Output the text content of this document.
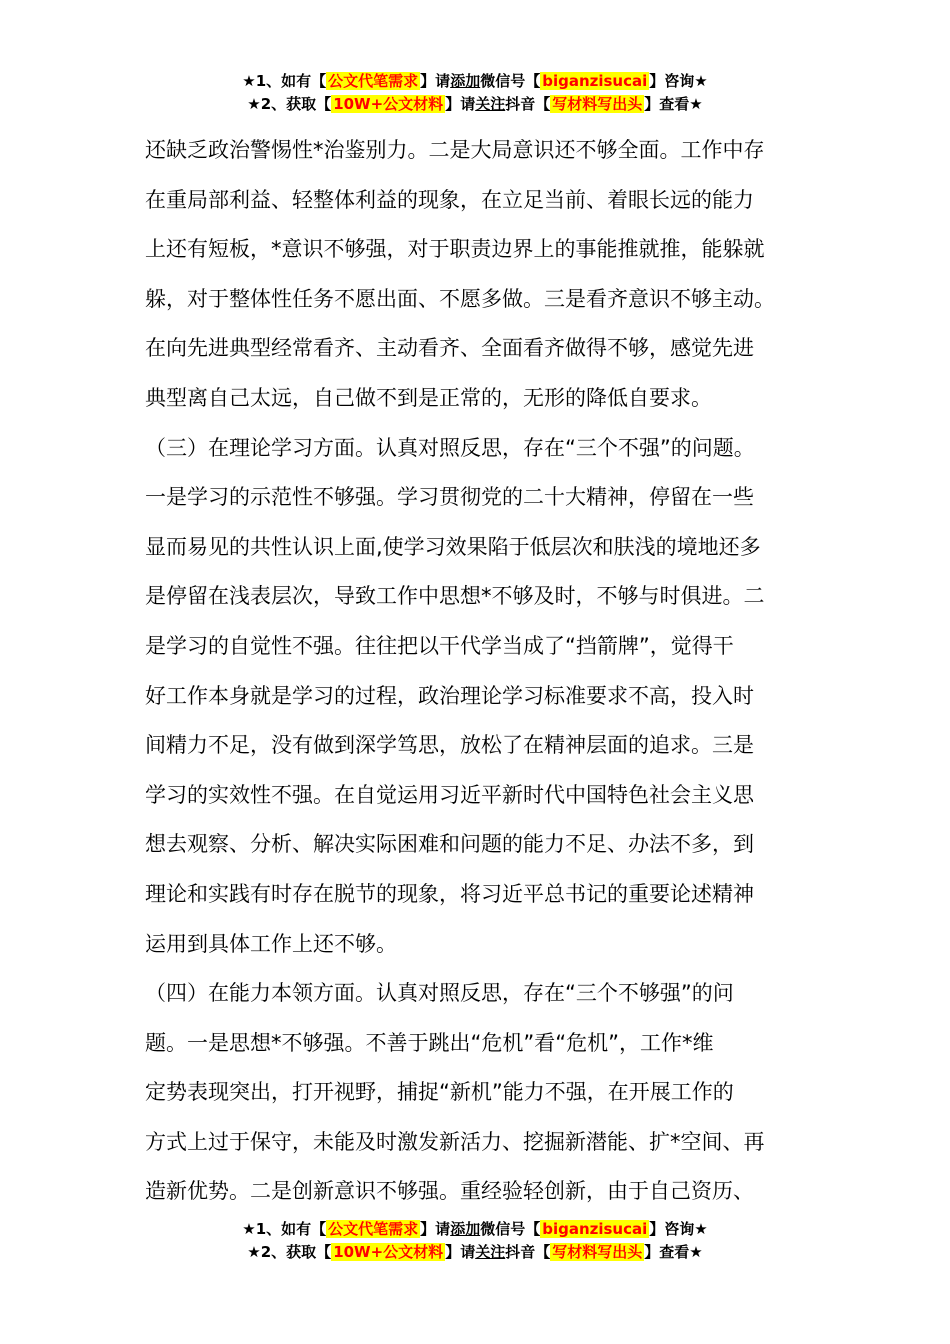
★1、如有【 公文代笔需求 】请添加微信号【 biganzisucai 】咨询★
★2、获取【 10W+公文材料 】请关注抖音【 写材料写出头 】查看★
还缺乏政治警惕性*治鉴别力。二是大局意识还不够全面。工作中存
在重局部利益、轻整体利益的现象，在立足当前、着眼长远的能力
上还有短板，*意识不够强，对于职责边界上的事能推就推，能躲就
躲，对于整体性任务不愿出面、不愿多做。三是看齐意识不够主动。
在向先进典型经常看齐、主动看齐、全面看齐做得不够，感觉先进
典型离自己太远，自己做不到是正常的，无形的降低自要求。
（三）在理论学习方面。认真对照反思，存在“三个不强”的问题。
一是学习的示范性不够强。学习贯彻党的二十大精神，停留在一些
显而易见的共性认识上面,使学习效果陷于低层次和肤浅的境地还多
是停留在浅表层次，导致工作中思想*不够及时，不够与时俱进。二
是学习的自觉性不强。往往把以干代学当成了“挡箭牌”，觉得干
好工作本身就是学习的过程，政治理论学习标准要求不高，投入时
间精力不足，没有做到深学笃思，放松了在精神层面的追求。三是
学习的实效性不强。在自觉运用习近平新时代中国特色社会主义思
想去观察、分析、解决实际困难和问题的能力不足、办法不多，到
理论和实践有时存在脱节的现象，将习近平总书记的重要论述精神
运用到具体工作上还不够。
（四）在能力本领方面。认真对照反思，存在“三个不够强”的问
题。一是思想*不够强。不善于跳出“危机”看“危机”，工作*维
定势表现突出，打开视野，捕捉“新机”能力不强，在开展工作的
方式上过于保守，未能及时激发新活力、挖掘新潜能、扩*空间、再
造新优势。二是创新意识不够强。重经验轻创新，由于自己资历、
★1、如有【 公文代笔需求 】请添加微信号【 biganzisucai 】咨询★
★2、获取【 10W+公文材料 】请关注抖音【 写材料写出头 】查看★
